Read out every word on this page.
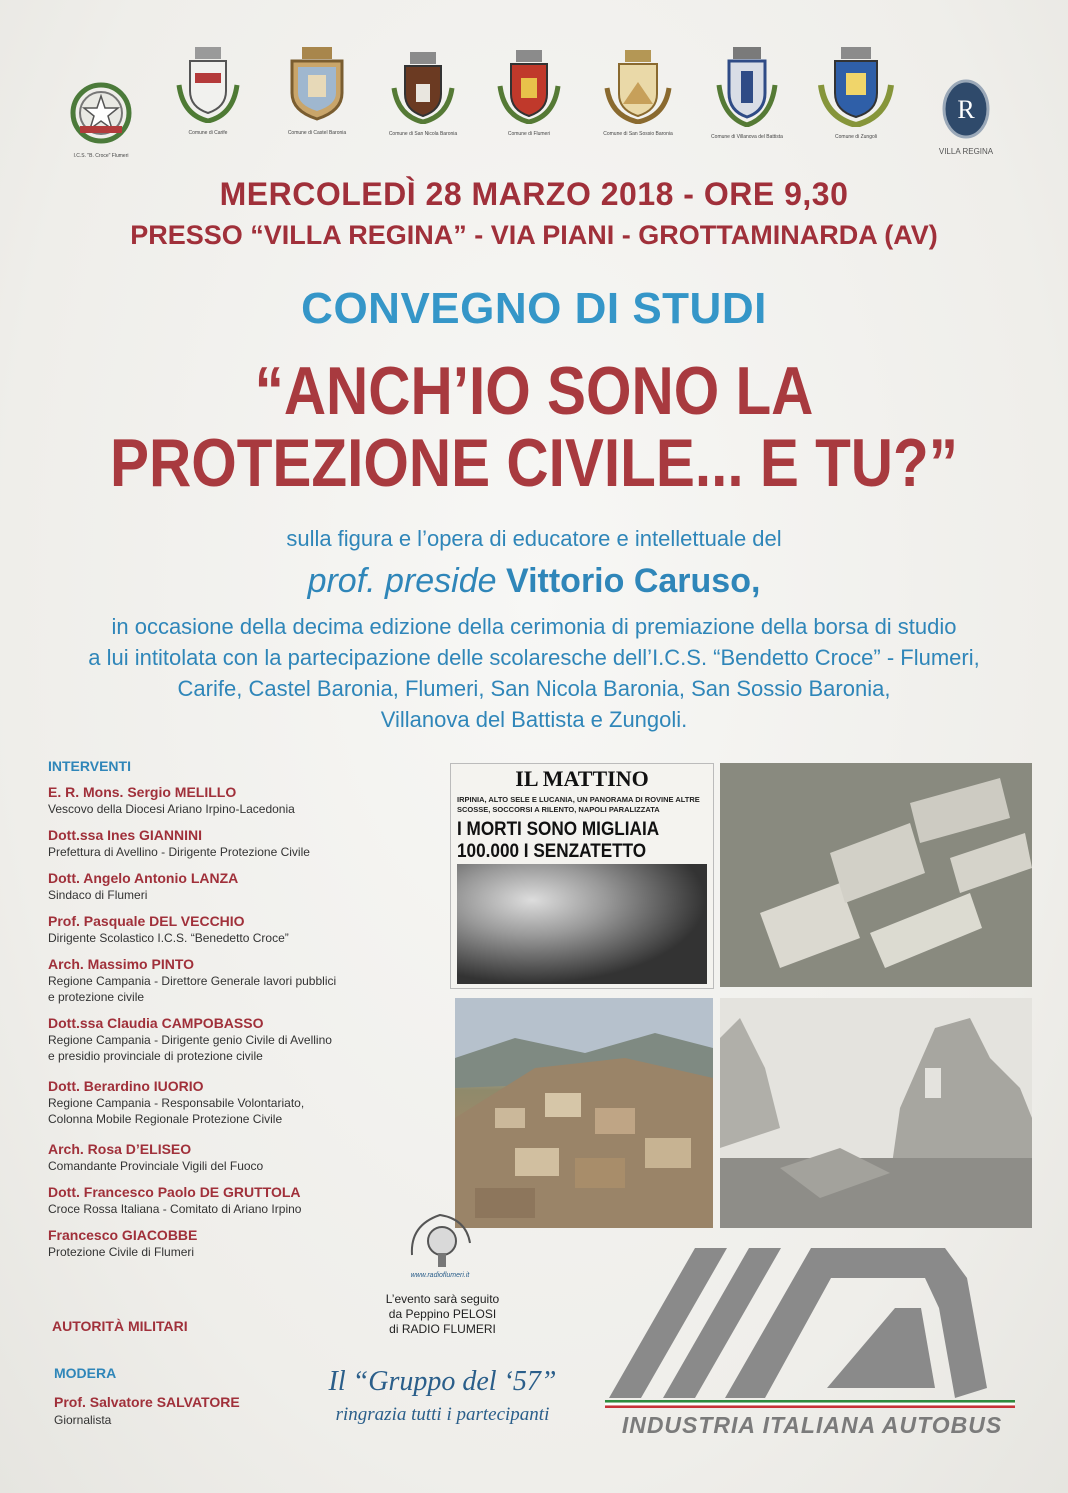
I.C.S. "B. Croce" Flumeri
Comune di Carife	Comune di Castel Baronia	Comune di San Nicola Baronia	Comune di Flumeri	Comune di San Sossio Baronia	Comune di Villanova del Battista	Comune di Zungoli
R
VILLA REGINA
MERCOLEDÌ 28 MARZO 2018 - ORE 9,30
PRESSO “VILLA REGINA” - VIA PIANI - GROTTAMINARDA (AV)
CONVEGNO DI STUDI
“ANCH’IO SONO LA
PROTEZIONE CIVILE... E TU?”
sulla figura e l’opera di educatore e intellettuale del
prof. preside Vittorio Caruso,
in occasione della decima edizione della cerimonia di premiazione della borsa di studio
a lui intitolata con la partecipazione delle scolaresche dell’I.C.S. “Bendetto Croce” - Flumeri,
Carife, Castel Baronia, Flumeri, San Nicola Baronia, San Sossio Baronia,
Villanova del Battista e Zungoli.
INTERVENTI
E. R. Mons. Sergio MELILLO
Vescovo della Diocesi Ariano Irpino-Lacedonia
Dott.ssa Ines GIANNINI
Prefettura di Avellino - Dirigente Protezione Civile
Dott. Angelo Antonio LANZA
Sindaco di Flumeri
Prof. Pasquale DEL VECCHIO
Dirigente Scolastico I.C.S. “Benedetto Croce”
Arch. Massimo PINTO
Regione Campania - Direttore Generale lavori pubblici
e protezione civile
Dott.ssa Claudia CAMPOBASSO
Regione Campania - Dirigente genio Civile di Avellino
e presidio provinciale di protezione civile
Dott. Berardino IUORIO
Regione Campania - Responsabile Volontariato,
Colonna Mobile Regionale Protezione Civile
Arch. Rosa D’ELISEO
Comandante Provinciale Vigili del Fuoco
Dott. Francesco Paolo DE GRUTTOLA
Croce Rossa Italiana - Comitato di Ariano Irpino
Francesco GIACOBBE
Protezione Civile di Flumeri
AUTORITÀ MILITARI
MODERA
Prof. Salvatore SALVATORE
Giornalista
IL MATTINO
IRPINIA, ALTO SELE E LUCANIA, UN PANORAMA DI ROVINE ALTRE SCOSSE, SOCCORSI A RILENTO, NAPOLI PARALIZZATA
I MORTI SONO MIGLIAIA
100.000 I SENZATETTO
www.radioflumeri.it
L’evento sarà seguito
da Peppino PELOSI
di RADIO FLUMERI
Il “Gruppo del ‘57”
ringrazia tutti i partecipanti	INDUSTRIA ITALIANA AUTOBUS
